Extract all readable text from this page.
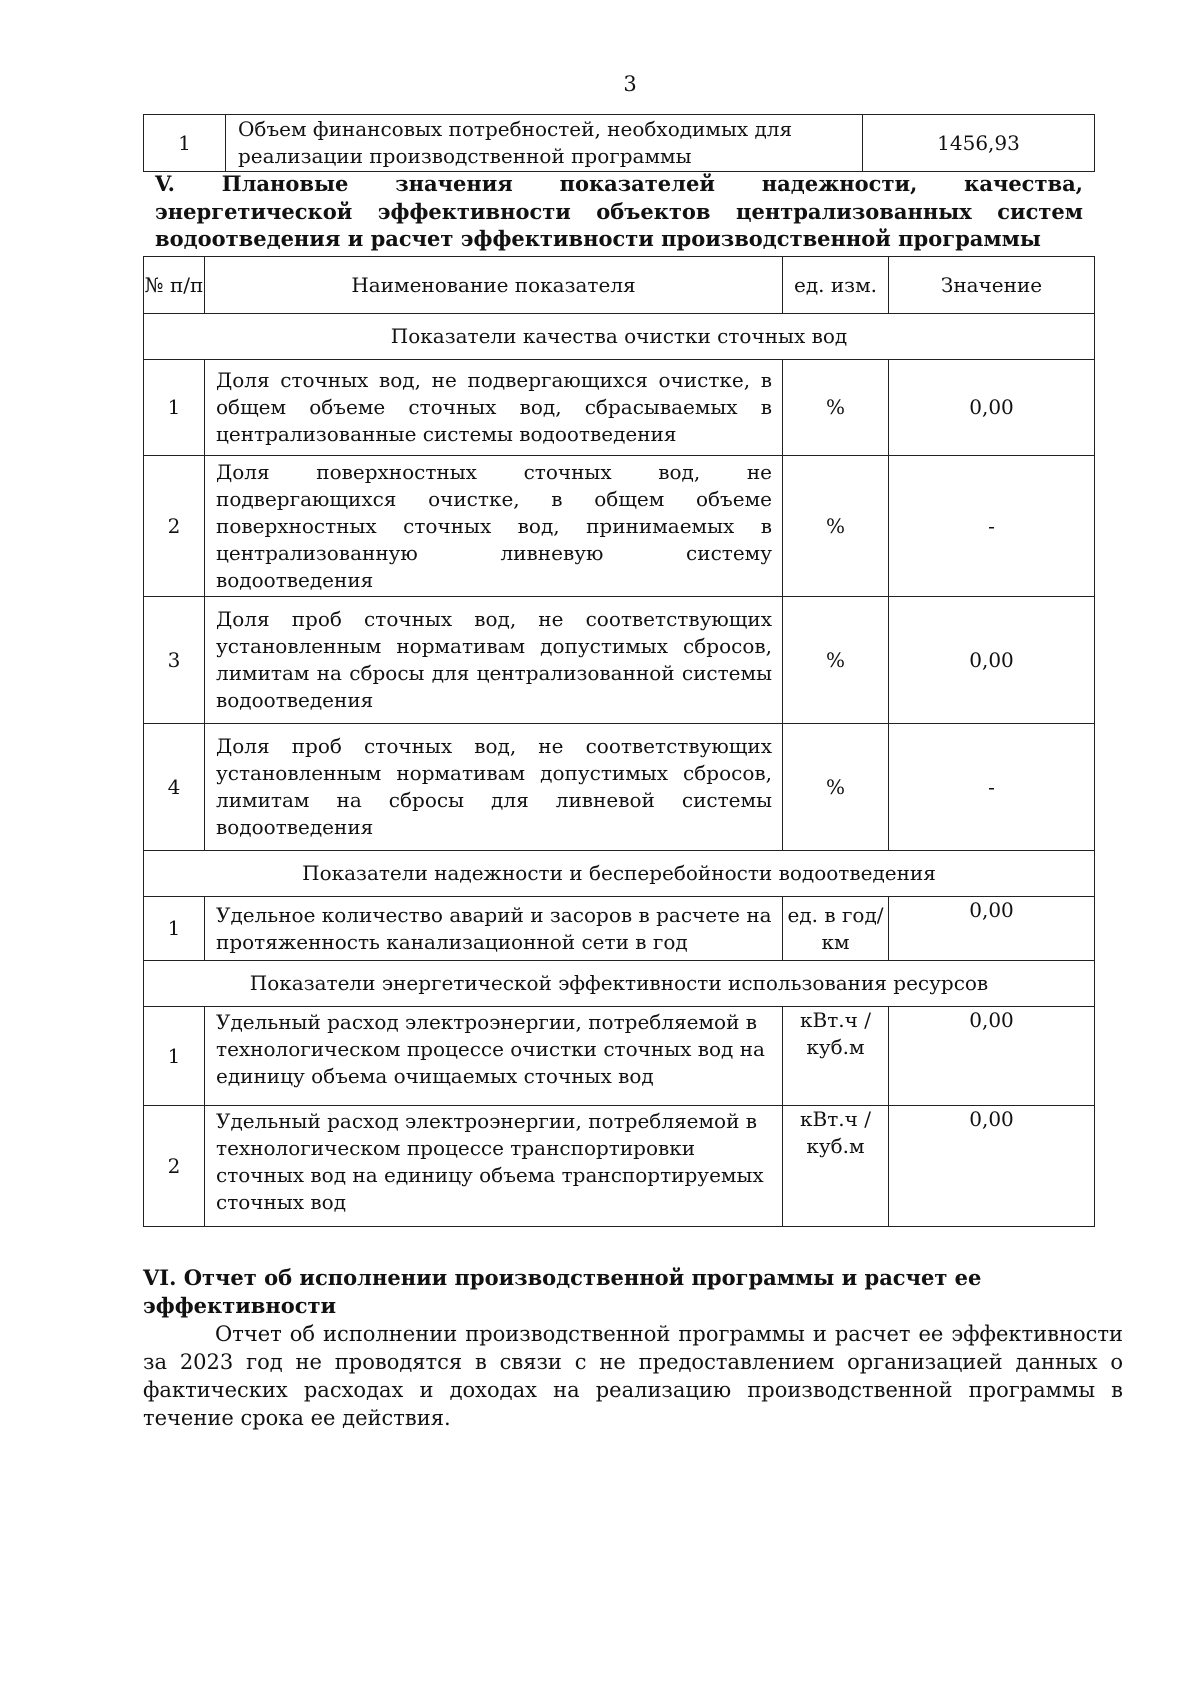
3
1	Объем финансовых потребностей, необходимых для реализации производственной программы	1456,93

V. Плановые значения показателей надежности, качества, энергетической эффективности объектов централизованных систем водоотведения и расчет эффективности производственной программы

№ п/п	Наименование показателя	ед. изм.	Значение
Показатели качества очистки сточных вод			
1	Доля сточных вод, не подвергающихся очистке, в общем объеме сточных вод, сбрасываемых в централизованные системы водоотведения	%	0,00
2	Доля поверхностных сточных вод, не подвергающихся очистке, в общем объеме поверхностных сточных вод, принимаемых в централизованную ливневую систему водоотведения	%	-
3	Доля проб сточных вод, не соответствующих установленным нормативам допустимых сбросов, лимитам на сбросы для централизованной системы водоотведения	%	0,00
4	Доля проб сточных вод, не соответствующих установленным нормативам допустимых сбросов, лимитам на сбросы для ливневой системы водоотведения	%	-
Показатели надежности и бесперебойности водоотведения			
1	Удельное количество аварий и засоров в расчете на протяженность канализационной сети в год	ед. в год/ км	0,00
Показатели энергетической эффективности использования ресурсов			
1	Удельный расход электроэнергии, потребляемой в технологическом процессе очистки сточных вод на единицу объема очищаемых сточных вод	кВт.ч / куб.м	0,00
2	Удельный расход электроэнергии, потребляемой в технологическом процессе транспортировки сточных вод на единицу объема транспортируемых сточных вод	кВт.ч / куб.м	0,00

VI. Отчет об исполнении производственной программы и расчет ее эффективности

Отчет об исполнении производственной программы и расчет ее эффективности за 2023 год не проводятся в связи с не предоставлением организацией данных о фактических расходах и доходах на реализацию производственной программы в течение срока ее действия.
